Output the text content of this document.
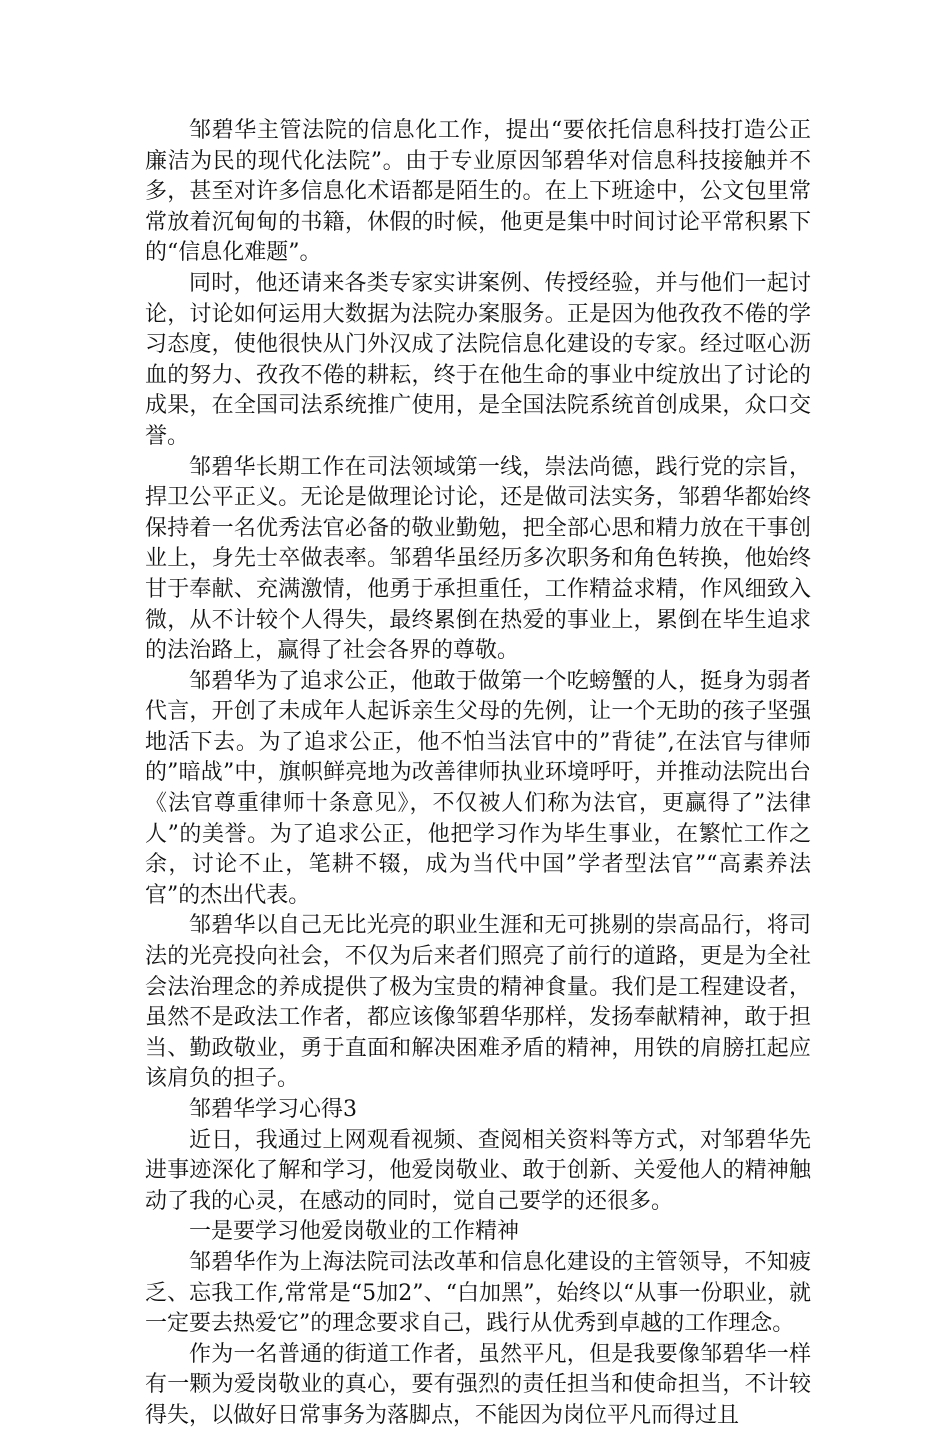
邹碧华主管法院的信息化工作，提出“要依托信息科技打造公正廉洁为民的现代化法院”。由于专业原因邹碧华对信息科技接触并不多，甚至对许多信息化术语都是陌生的。在上下班途中，公文包里常常放着沉甸甸的书籍，休假的时候，他更是集中时间讨论平常积累下的“信息化难题”。

同时，他还请来各类专家实讲案例、传授经验，并与他们一起讨论，讨论如何运用大数据为法院办案服务。正是因为他孜孜不倦的学习态度，使他很快从门外汉成了法院信息化建设的专家。经过呕心沥血的努力、孜孜不倦的耕耘，终于在他生命的事业中绽放出了讨论的成果，在全国司法系统推广使用，是全国法院系统首创成果，众口交誉。

邹碧华长期工作在司法领域第一线，崇法尚德，践行党的宗旨，捍卫公平正义。无论是做理论讨论，还是做司法实务，邹碧华都始终保持着一名优秀法官必备的敬业勤勉，把全部心思和精力放在干事创业上，身先士卒做表率。邹碧华虽经历多次职务和角色转换，他始终甘于奉献、充满激情，他勇于承担重任，工作精益求精，作风细致入微，从不计较个人得失，最终累倒在热爱的事业上，累倒在毕生追求的法治路上，赢得了社会各界的尊敬。

邹碧华为了追求公正，他敢于做第一个吃螃蟹的人，挺身为弱者代言，开创了未成年人起诉亲生父母的先例，让一个无助的孩子坚强地活下去。为了追求公正，他不怕当法官中的”背徒”,在法官与律师的”暗战”中，旗帜鲜亮地为改善律师执业环境呼吁，并推动法院出台《法官尊重律师十条意见》，不仅被人们称为法官，更赢得了”法律人”的美誉。为了追求公正，他把学习作为毕生事业，在繁忙工作之余，讨论不止，笔耕不辍，成为当代中国”学者型法官”“高素养法官”的杰出代表。

邹碧华以自己无比光亮的职业生涯和无可挑剔的崇高品行，将司法的光亮投向社会，不仅为后来者们照亮了前行的道路，更是为全社会法治理念的养成提供了极为宝贵的精神食量。我们是工程建设者，虽然不是政法工作者，都应该像邹碧华那样，发扬奉献精神，敢于担当、勤政敬业，勇于直面和解决困难矛盾的精神，用铁的肩膀扛起应该肩负的担子。

邹碧华学习心得3

近日，我通过上网观看视频、查阅相关资料等方式，对邹碧华先进事迹深化了解和学习，他爱岗敬业、敢于创新、关爱他人的精神触动了我的心灵，在感动的同时，觉自己要学的还很多。

一是要学习他爱岗敬业的工作精神

邹碧华作为上海法院司法改革和信息化建设的主管领导，不知疲乏、忘我工作,常常是“5加2”、“白加黑”，始终以“从事一份职业，就一定要去热爱它”的理念要求自己，践行从优秀到卓越的工作理念。

作为一名普通的街道工作者，虽然平凡，但是我要像邹碧华一样有一颗为爱岗敬业的真心，要有强烈的责任担当和使命担当，不计较得失，以做好日常事务为落脚点，不能因为岗位平凡而得过且
